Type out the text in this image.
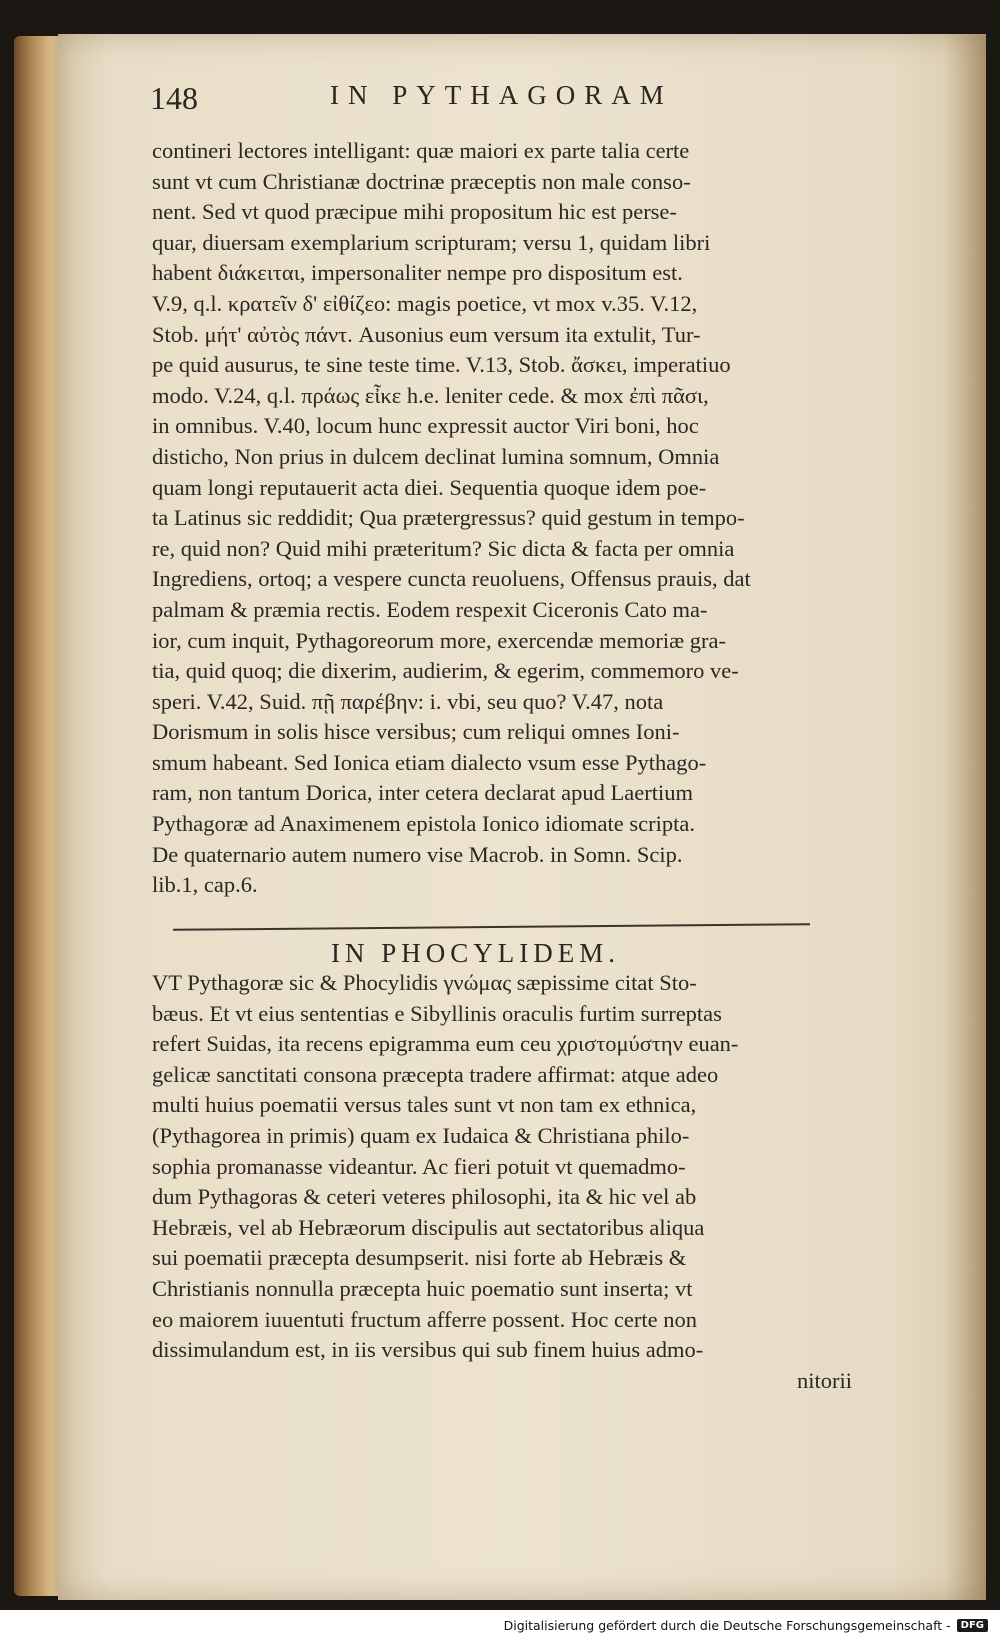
148	IN PYTHAGORAM
contineri lectores intelligant: quæ maiori ex parte talia certe
sunt vt cum Christianæ doctrinæ præceptis non male conso-
nent. Sed vt quod præcipue mihi propositum hic est perse-
quar, diuersam exemplarium scripturam; versu 1, quidam libri
habent διάκειται, impersonaliter nempe pro dispositum est.
V.9, q.l. κρατεῖν δ' εἰθίζεο: magis poetice, vt mox v.35. V.12,
Stob. μήτ' αὐτὸς πάντ. Ausonius eum versum ita extulit, Tur-
pe quid ausurus, te sine teste time. V.13, Stob. ἄσκει, imperatiuo
modo. V.24, q.l. πράως εἶκε h.e. leniter cede. & mox ἐπὶ πᾶσι,
in omnibus. V.40, locum hunc expressit auctor Viri boni, hoc
disticho, Non prius in dulcem declinat lumina somnum, Omnia
quam longi reputauerit acta diei. Sequentia quoque idem poe-
ta Latinus sic reddidit; Qua prætergressus? quid gestum in tempo-
re, quid non? Quid mihi præteritum? Sic dicta & facta per omnia
Ingrediens, ortoq; a vespere cuncta reuoluens, Offensus prauis, dat
palmam & præmia rectis. Eodem respexit Ciceronis Cato ma-
ior, cum inquit, Pythagoreorum more, exercendæ memoriæ gra-
tia, quid quoq; die dixerim, audierim, & egerim, commemoro ve-
speri. V.42, Suid. πῇ παρέβην: i. vbi, seu quo? V.47, nota
Dorismum in solis hisce versibus; cum reliqui omnes Ioni-
smum habeant. Sed Ionica etiam dialecto vsum esse Pythago-
ram, non tantum Dorica, inter cetera declarat apud Laertium
Pythagoræ ad Anaximenem epistola Ionico idiomate scripta.
De quaternario autem numero vise Macrob. in Somn. Scip.
lib.1, cap.6.
IN PHOCYLIDEM.
VT Pythagoræ sic & Phocylidis γνώμας sæpissime citat Sto-
bæus. Et vt eius sententias e Sibyllinis oraculis furtim surreptas
refert Suidas, ita recens epigramma eum ceu χριστομύστην euan-
gelicæ sanctitati consona præcepta tradere affirmat: atque adeo
multi huius poematii versus tales sunt vt non tam ex ethnica,
(Pythagorea in primis) quam ex Iudaica & Christiana philo-
sophia promanasse videantur. Ac fieri potuit vt quemadmo-
dum Pythagoras & ceteri veteres philosophi, ita & hic vel ab
Hebræis, vel ab Hebræorum discipulis aut sectatoribus aliqua
sui poematii præcepta desumpserit. nisi forte ab Hebræis &
Christianis nonnulla præcepta huic poematio sunt inserta; vt
eo maiorem iuuentuti fructum afferre possent. Hoc certe non
dissimulandum est, in iis versibus qui sub finem huius admo-
nitorii
Digitalisierung gefördert durch die Deutsche Forschungsgemeinschaft -	DFG
